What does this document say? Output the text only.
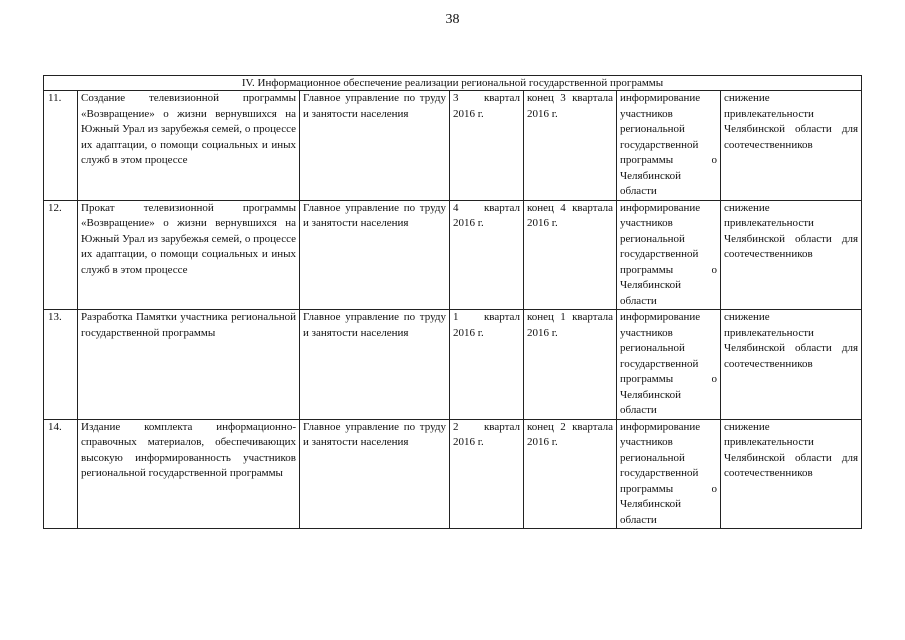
38
IV. Информационное обеспечение реализации региональной государственной программы						
11.	Создание телевизионной программы «Возвращение» о жизни вернувшихся на Южный Урал из зарубежья семей, о процессе их адаптации, о помощи социальных и иных служб в этом процессе	Главное управление по труду и занятости населения	3 квартал 2016 г.	конец 3 квартала 2016 г.	информирование участников региональной государственной программы о Челябинской области	снижение привлекательности Челябинской области для соотечественников
12.	Прокат телевизионной программы «Возвращение» о жизни вернувшихся на Южный Урал из зарубежья семей, о процессе их адаптации, о помощи социальных и иных служб в этом процессе	Главное управление по труду и занятости населения	4 квартал 2016 г.	конец 4 квартала 2016 г.	информирование участников региональной государственной программы о Челябинской области	снижение привлекательности Челябинской области для соотечественников
13.	Разработка Памятки участника региональной государственной программы	Главное управление по труду и занятости населения	1 квартал 2016 г.	конец 1 квартала 2016 г.	информирование участников региональной государственной программы о Челябинской области	снижение привлекательности Челябинской области для соотечественников
14.	Издание комплекта информационно-справочных материалов, обеспечивающих высокую информированность участников региональной государственной программы	Главное управление по труду и занятости населения	2 квартал 2016 г.	конец 2 квартала 2016 г.	информирование участников региональной государственной программы о Челябинской области	снижение привлекательности Челябинской области для соотечественников
